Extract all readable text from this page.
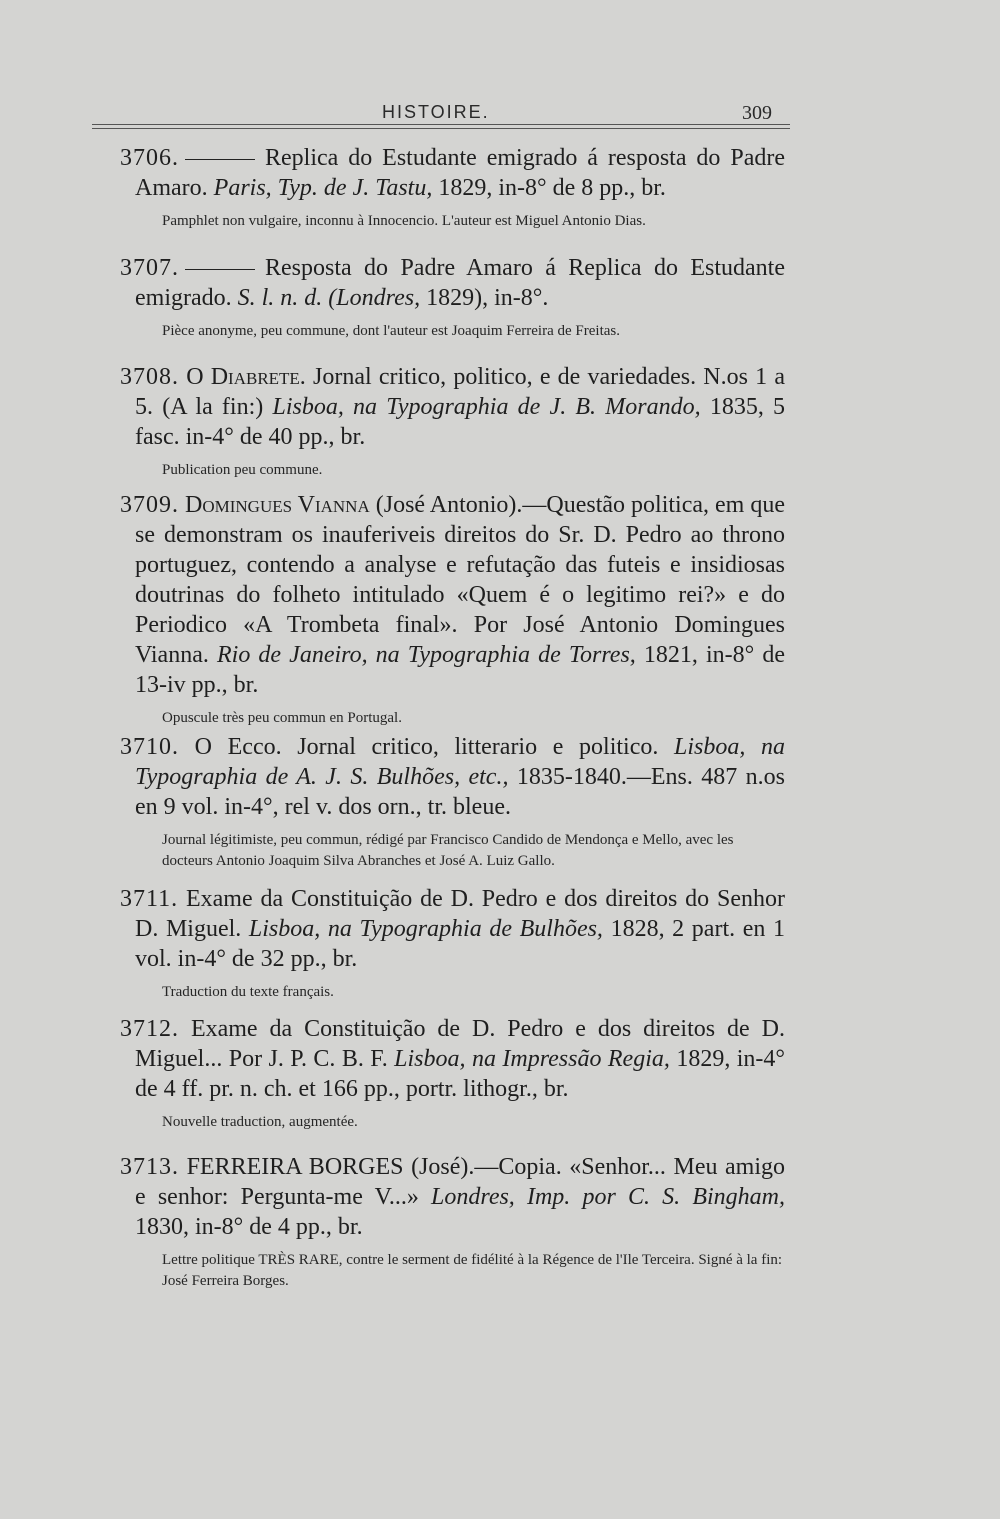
HISTOIRE.	309

3706.	Replica do Estudante emigrado á resposta do Padre Amaro. Paris, Typ. de J. Tastu, 1829, in-8° de 8 pp., br.

Pamphlet non vulgaire, inconnu à Innocencio. L'auteur est Miguel Antonio Dias.

3707.	Resposta do Padre Amaro á Replica do Estudante emigrado. S. l. n. d. (Londres, 1829), in-8°.

Pièce anonyme, peu commune, dont l'auteur est Joaquim Ferreira de Freitas.

3708. O Diabrete. Jornal critico, politico, e de variedades. N.os 1 a 5. (A la fin:) Lisboa, na Typographia de J. B. Morando, 1835, 5 fasc. in-4° de 40 pp., br.

Publication peu commune.

3709. Domingues Vianna (José Antonio).—Questão politica, em que se demonstram os inauferiveis direitos do Sr. D. Pedro ao throno portuguez, contendo a analyse e refutação das futeis e insidiosas doutrinas do folheto intitulado «Quem é o legitimo rei?» e do Periodico «A Trombeta final». Por José Antonio Domingues Vianna. Rio de Janeiro, na Typographia de Torres, 1821, in-8° de 13-iv pp., br.

Opuscule très peu commun en Portugal.

3710. O Ecco. Jornal critico, litterario e politico. Lisboa, na Typographia de A. J. S. Bulhões, etc., 1835-1840.—Ens. 487 n.os en 9 vol. in-4°, rel v. dos orn., tr. bleue.

Journal légitimiste, peu commun, rédigé par Francisco Candido de Mendonça e Mello, avec les docteurs Antonio Joaquim Silva Abranches et José A. Luiz Gallo.

3711. Exame da Constituição de D. Pedro e dos direitos do Senhor D. Miguel. Lisboa, na Typographia de Bulhões, 1828, 2 part. en 1 vol. in-4° de 32 pp., br.

Traduction du texte français.

3712. Exame da Constituição de D. Pedro e dos direitos de D. Miguel... Por J. P. C. B. F. Lisboa, na Impressão Regia, 1829, in-4° de 4 ff. pr. n. ch. et 166 pp., portr. lithogr., br.

Nouvelle traduction, augmentée.

3713. FERREIRA BORGES (José).—Copia. «Senhor... Meu amigo e senhor: Pergunta-me V...» Londres, Imp. por C. S. Bingham, 1830, in-8° de 4 pp., br.

Lettre politique TRÈS RARE, contre le serment de fidélité à la Régence de l'Ile Terceira. Signé à la fin: José Ferreira Borges.
